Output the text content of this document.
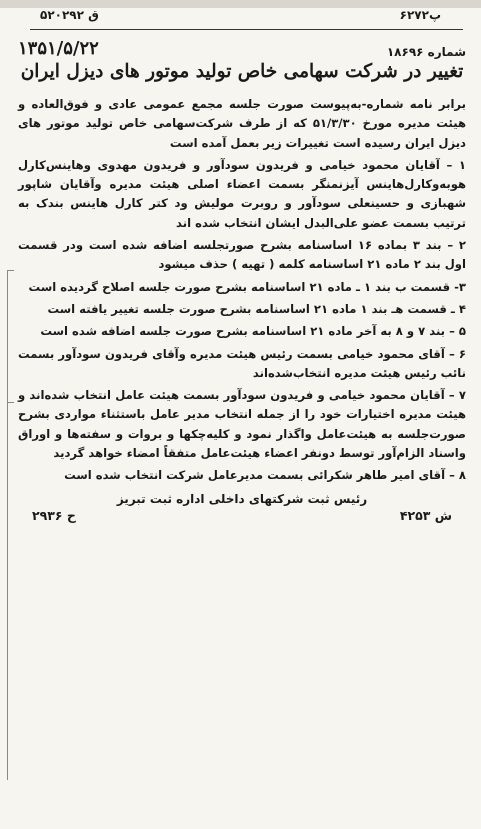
پ۶۲۷۲
ق ۵۲۰۲۹۲
شماره ۱۸۶۹۶
۱۳۵۱/۵/۲۲
تغییر در شرکت سهامی خاص تولید موتور های دیزل ایران

برابر نامه شماره-به‌پیوست صورت جلسه مجمع عمومی عادی و فوق‌العاده و هیئت مدیره مورخ ۵۱/۳/۳۰ که از طرف شرکت‌سهامی خاص تولید موتور های دیزل ایران رسیده است تغییرات زیر بعمل آمده است

۱ – آقایان محمود خیامی و فریدون سودآور و فریدون مهدوی وهاینس‌کارل هوبه‌وکارل‌هاینس آیزنمنگر بسمت اعضاء اصلی هیئت مدیره وآقایان شاپور شهبازی و حسینعلی سودآور و روبرت مولیش ود کتر کارل هاینس بندک به ترتیب بسمت عضو علی‌البدل ایشان انتخاب شده اند

۲ – بند ۳ بماده ۱۶ اساسنامه بشرح صورتجلسه اضافه شده است ودر قسمت اول بند ۲ ماده ۲۱ اساسنامه کلمه ( تهیه ) حذف میشود

۳- قسمت ب بند ۱ ـ ماده ۲۱ اساسنامه بشرح صورت جلسه اصلاح گردیده است

۴ ـ قسمت هـ بند ۱ ماده ۲۱ اساسنامه بشرح صورت جلسه تغییر یافته است

۵ – بند ۷ و ۸ به آخر ماده ۲۱ اساسنامه بشرح صورت جلسه اضافه شده است

۶ – آقای محمود خیامی بسمت رئیس هیئت مدیره وآقای فریدون سودآور بسمت نائب رئیس هیئت مدیره انتخاب‌شده‌اند

۷ – آقایان محمود خیامی و فریدون سودآور بسمت هیئت عامل انتخاب شده‌اند و هیئت مدیره اختیارات خود را از جمله انتخاب مدیر عامل باستثناء مواردی بشرح صورت‌جلسه به هیئت‌عامل واگذار نمود و کلیه‌چکها و بروات و سفته‌ها و اوراق واسناد الزام‌آور توسط دونفر اعضاء هیئت‌عامل متفقاً امضاء خواهد گردید

۸ – آقای امیر طاهر شکرائی بسمت مدیرعامل شرکت انتخاب شده است

رئیس ثبت شرکتهای داخلی اداره ثبت تبریز
ش ۴۲۵۳
ح ۲۹۳۶
